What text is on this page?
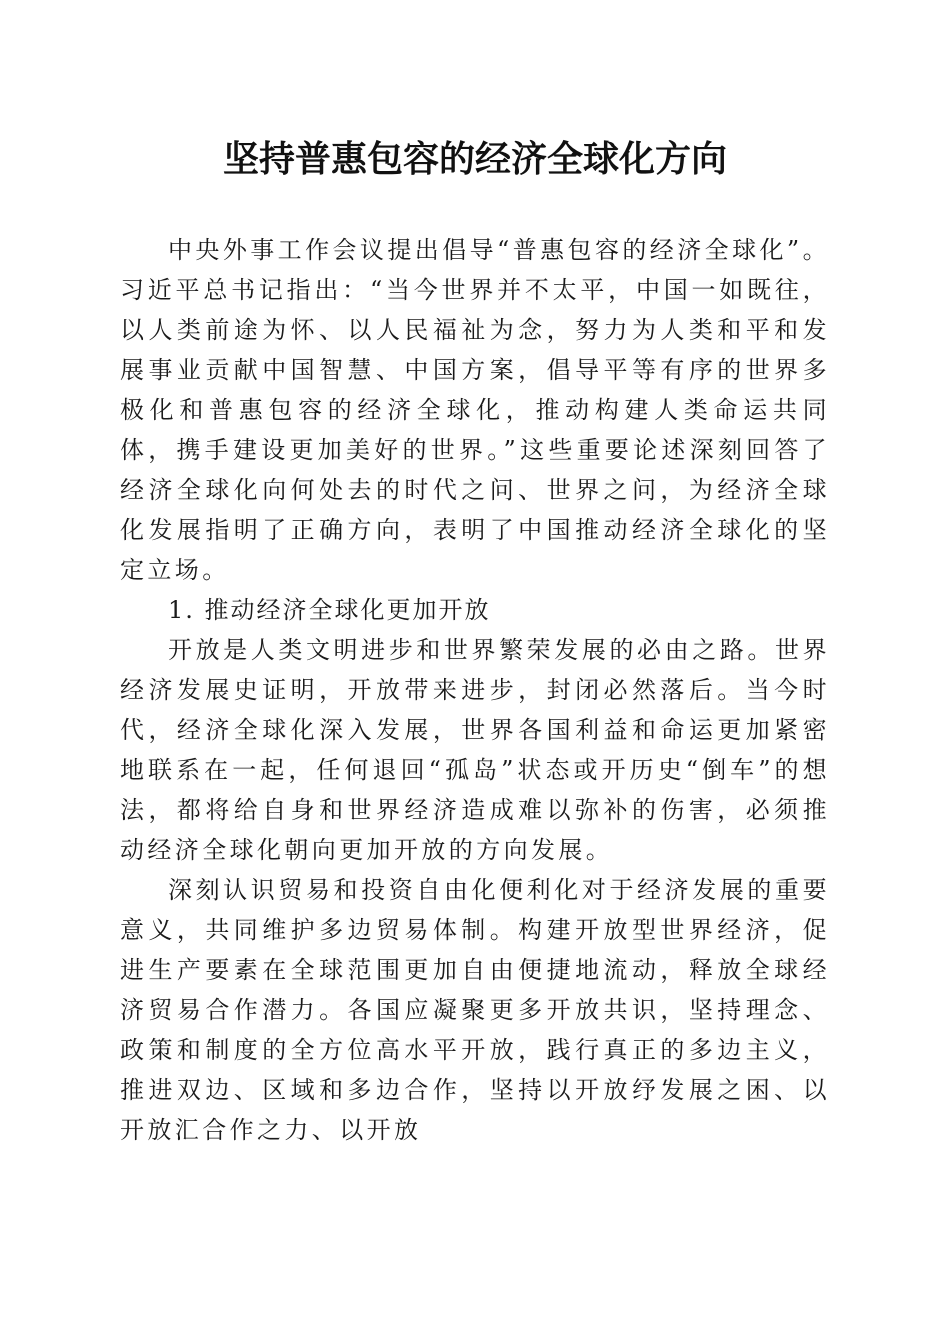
坚持普惠包容的经济全球化方向

中央外事工作会议提出倡导“普惠包容的经济全球化”。习近平总书记指出：“当今世界并不太平，中国一如既往，以人类前途为怀、以人民福祉为念，努力为人类和平和发展事业贡献中国智慧、中国方案，倡导平等有序的世界多极化和普惠包容的经济全球化，推动构建人类命运共同体，携手建设更加美好的世界。”这些重要论述深刻回答了经济全球化向何处去的时代之问、世界之问，为经济全球化发展指明了正确方向，表明了中国推动经济全球化的坚定立场。

1. 推动经济全球化更加开放

开放是人类文明进步和世界繁荣发展的必由之路。世界经济发展史证明，开放带来进步，封闭必然落后。当今时代，经济全球化深入发展，世界各国利益和命运更加紧密地联系在一起，任何退回“孤岛”状态或开历史“倒车”的想法，都将给自身和世界经济造成难以弥补的伤害，必须推动经济全球化朝向更加开放的方向发展。

深刻认识贸易和投资自由化便利化对于经济发展的重要意义，共同维护多边贸易体制。构建开放型世界经济，促进生产要素在全球范围更加自由便捷地流动，释放全球经济贸易合作潜力。各国应凝聚更多开放共识，坚持理念、政策和制度的全方位高水平开放，践行真正的多边主义，推进双边、区域和多边合作，坚持以开放纾发展之困、以开放汇合作之力、以开放
